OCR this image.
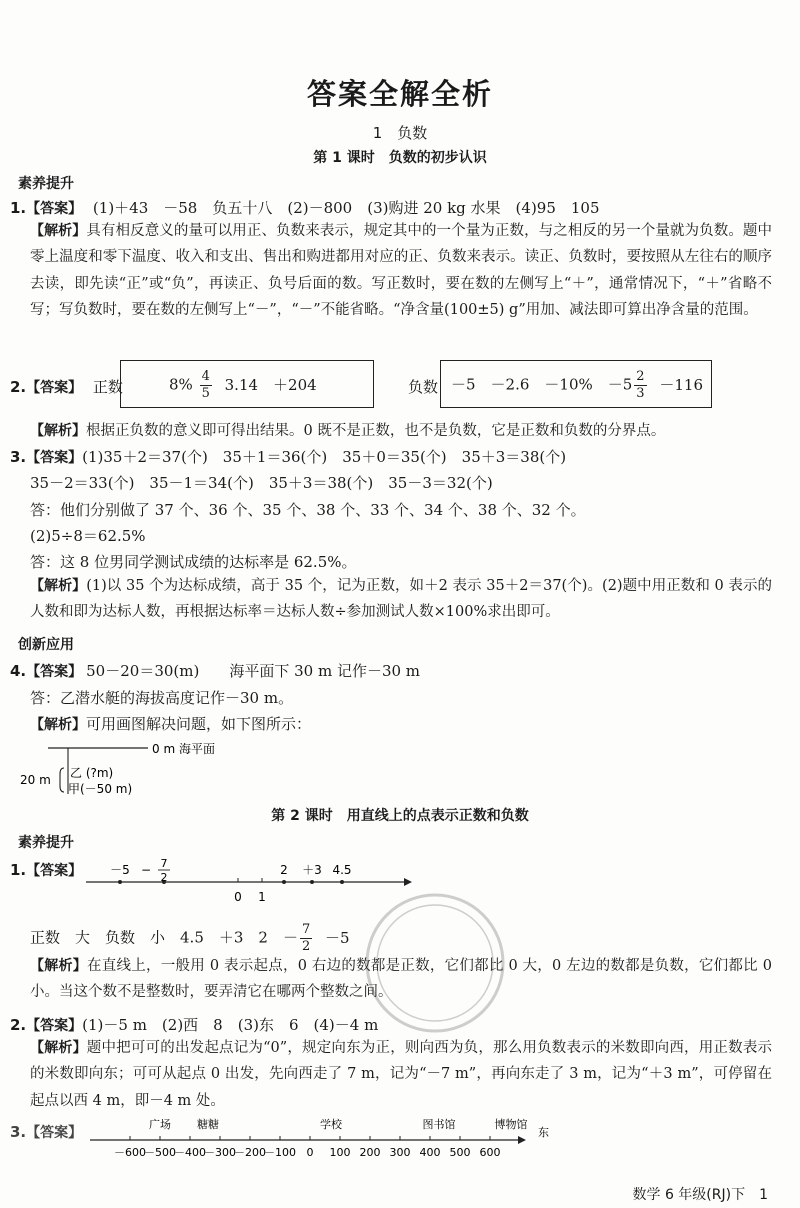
答案全解全析
1　负数
第 1 课时　负数的初步认识
素养提升
1.【答案】 (1)＋43　－58　负五十八　(2)－800　(3)购进 20 kg 水果　(4)95　105
【解析】具有相反意义的量可以用正、负数来表示，规定其中的一个量为正数，与之相反的另一个量就为负数。题中零上温度和零下温度、收入和支出、售出和购进都用对应的正、负数来表示。读正、负数时，要按照从左往右的顺序去读，即先读“正”或“负”，再读正、负号后面的数。写正数时，要在数的左侧写上“＋”，通常情况下，“＋”省略不写；写负数时，要在数的左侧写上“－”，“－”不能省略。“净含量(100±5) g”用加、减法即可算出净含量的范围。
2.【答案】 正数	$8\% \frac{4}{5} 3.14$　＋204	负数 －5　－2.6　－10%　$-5 \frac{2}{3} -116$
【解析】根据正负数的意义即可得出结果。0 既不是正数，也不是负数，它是正数和负数的分界点。
3.【答案】(1)35＋2＝37(个)　35＋1＝36(个)　35＋0＝35(个)　35＋3＝38(个)
35－2＝33(个)　35－1＝34(个)　35＋3＝38(个)　35－3＝32(个)
答：他们分别做了 37 个、36 个、35 个、38 个、33 个、34 个、38 个、32 个。
(2)5÷8＝62.5%
答：这 8 位男同学测试成绩的达标率是 62.5%。
【解析】(1)以 35 个为达标成绩，高于 35 个，记为正数，如＋2 表示 35＋2＝37(个)。(2)题中用正数和 0 表示的人数和即为达标人数，再根据达标率＝达标人数÷参加测试人数×100%求出即可。
创新应用
4.【答案】 50－20＝30(m)　　海平面下 30 m 记作－30 m
答：乙潜水艇的海拔高度记作－30 m。
【解析】可用画图解决问题，如下图所示：
0 m 海平面
20 m 乙 (?m)
甲(－50 m)
第 2 课时　用直线上的点表示正数和负数
素养提升
1.【答案】 －5 − 7
2
2 ＋3 4.5
0 1
正数　大　负数　小　4.5　＋3　2　－ $\frac{7}{2} -5$
【解析】在直线上，一般用 0 表示起点，0 右边的数都是正数，它们都比 0 大，0 左边的数都是负数，它们都比 0 小。当这个数不是整数时，要弄清它在哪两个整数之间。
2.【答案】(1)－5 m　(2)西　8　(3)东　6　(4)－4 m
【解析】题中把可可的出发起点记为“0”，规定向东为正，则向西为负，那么用负数表示的米数即向西，用正数表示的米数即向东；可可从起点 0 出发，先向西走了 7 m，记为“－7 m”，再向东走了 3 m，记为“＋3 m”，可停留在起点以西 4 m，即－4 m 处。
3.【答案】
－600
－500
－400
－300
－200
－100 0 100 200 300 400 500 600
广场 糖糖	学校	图书馆	博物馆
东
数学 6 年级(RJ)下　1
